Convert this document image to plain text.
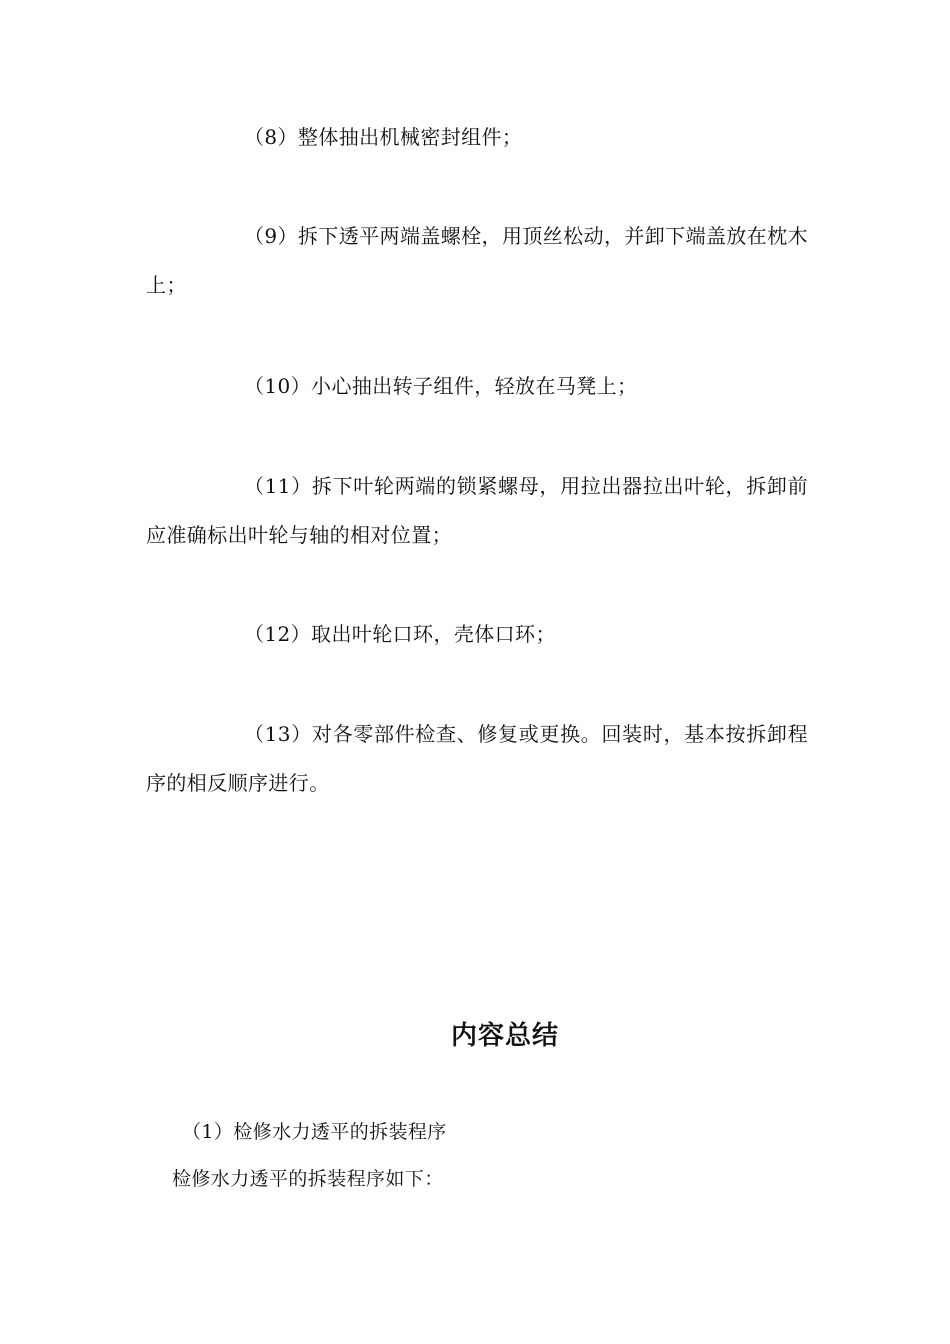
（8）整体抽出机械密封组件；

（9）拆下透平两端盖螺栓，用顶丝松动，并卸下端盖放在枕木上；

（10）小心抽出转子组件，轻放在马凳上；

（11）拆下叶轮两端的锁紧螺母，用拉出器拉出叶轮，拆卸前应准确标出叶轮与轴的相对位置；

（12）取出叶轮口环，壳体口环；

（13）对各零部件检查、修复或更换。回装时，基本按拆卸程序的相反顺序进行。

内容总结

（1）检修水力透平的拆装程序

检修水力透平的拆装程序如下：
